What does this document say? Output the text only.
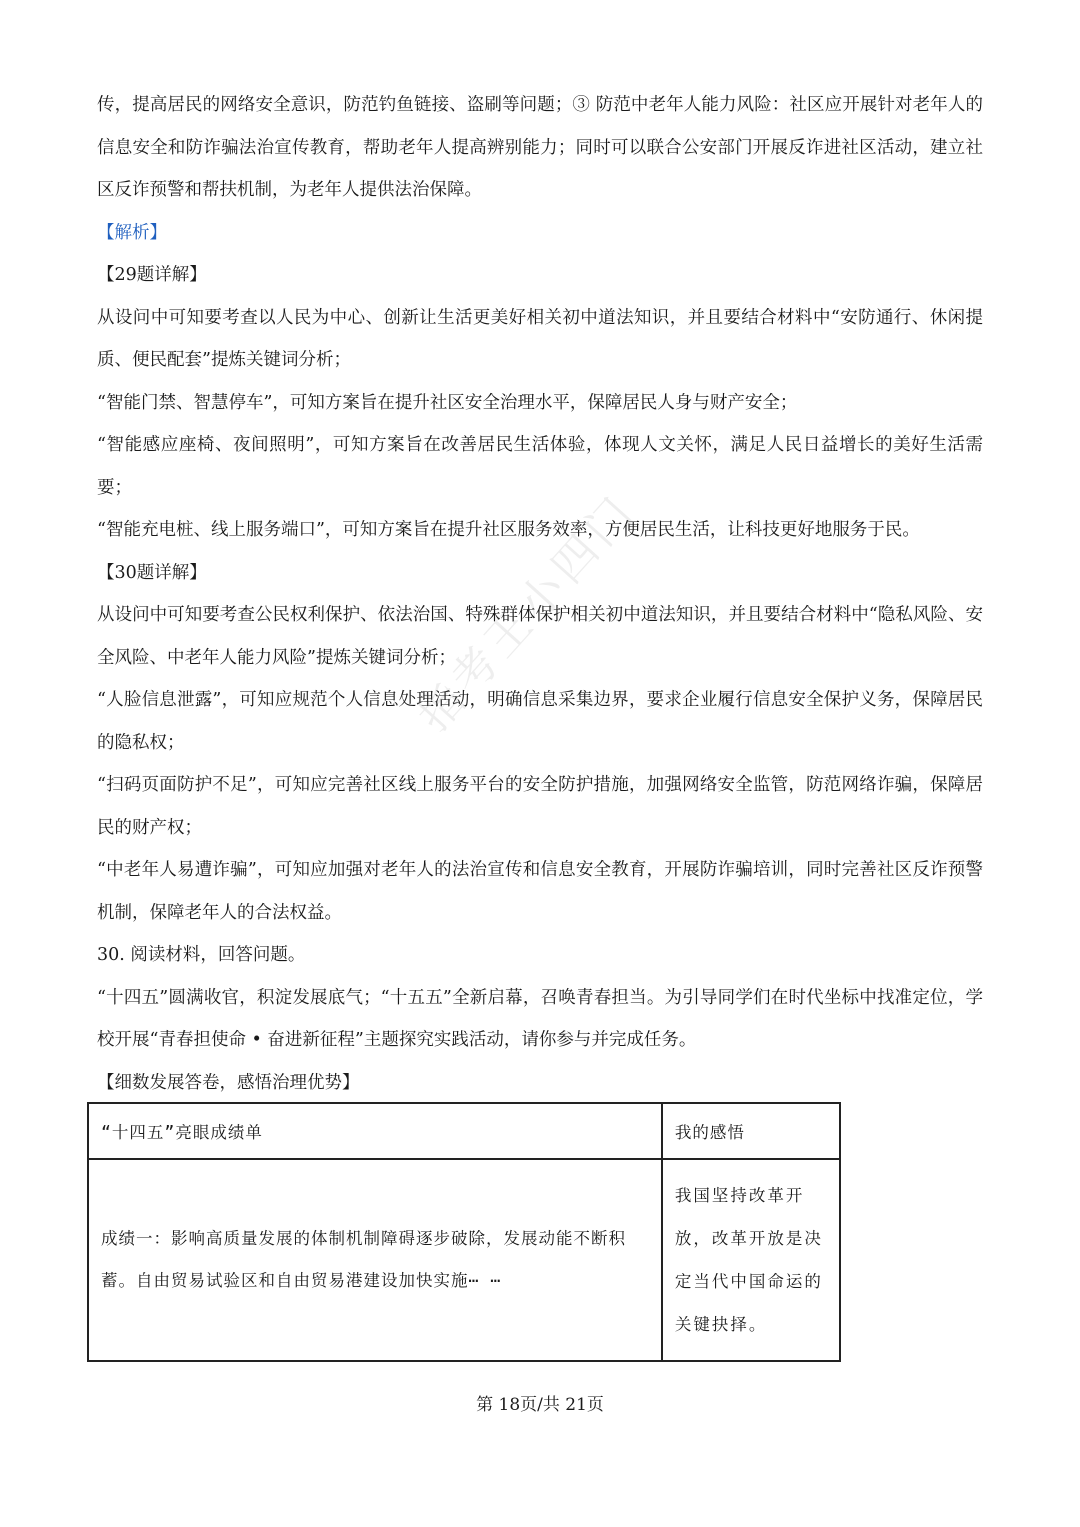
传，提高居民的网络安全意识，防范钓鱼链接、盗刷等问题；③ 防范中老年人能力风险：社区应开展针对老年人的信息安全和防诈骗法治宣传教育，帮助老年人提高辨别能力；同时可以联合公安部门开展反诈进社区活动，建立社区反诈预警和帮扶机制，为老年人提供法治保障。

【解析】

【29题详解】

从设问中可知要考查以人民为中心、创新让生活更美好相关初中道法知识，并且要结合材料中“安防通行、休闲提质、便民配套”提炼关键词分析；

“智能门禁、智慧停车”，可知方案旨在提升社区安全治理水平，保障居民人身与财产安全；

“智能感应座椅、夜间照明”，可知方案旨在改善居民生活体验，体现人文关怀，满足人民日益增长的美好生活需要；

“智能充电桩、线上服务端口”，可知方案旨在提升社区服务效率，方便居民生活，让科技更好地服务于民。

【30题详解】

从设问中可知要考查公民权利保护、依法治国、特殊群体保护相关初中道法知识，并且要结合材料中“隐私风险、安全风险、中老年人能力风险”提炼关键词分析；

“人脸信息泄露”，可知应规范个人信息处理活动，明确信息采集边界，要求企业履行信息安全保护义务，保障居民的隐私权；

“扫码页面防护不足”，可知应完善社区线上服务平台的安全防护措施，加强网络安全监管，防范网络诈骗，保障居民的财产权；

“中老年人易遭诈骗”，可知应加强对老年人的法治宣传和信息安全教育，开展防诈骗培训，同时完善社区反诈预警机制，保障老年人的合法权益。

30. 阅读材料，回答问题。

“十四五”圆满收官，积淀发展底气；“十五五”全新启幕，召唤青春担当。为引导同学们在时代坐标中找准定位，学校开展“青春担使命 • 奋进新征程”主题探究实践活动，请你参与并完成任务。

【细数发展答卷，感悟治理优势】

“十四五”亮眼成绩单	我的感悟
成绩一：影响高质量发展的体制机制障碍逐步破除，发展动能不断积蓄。自由贸易试验区和自由贸易港建设加快实施⋯ ⋯	我国坚持改革开放，改革开放是决定当代中国命运的关键抉择。
指考王小四门
第 18页/共 21页
